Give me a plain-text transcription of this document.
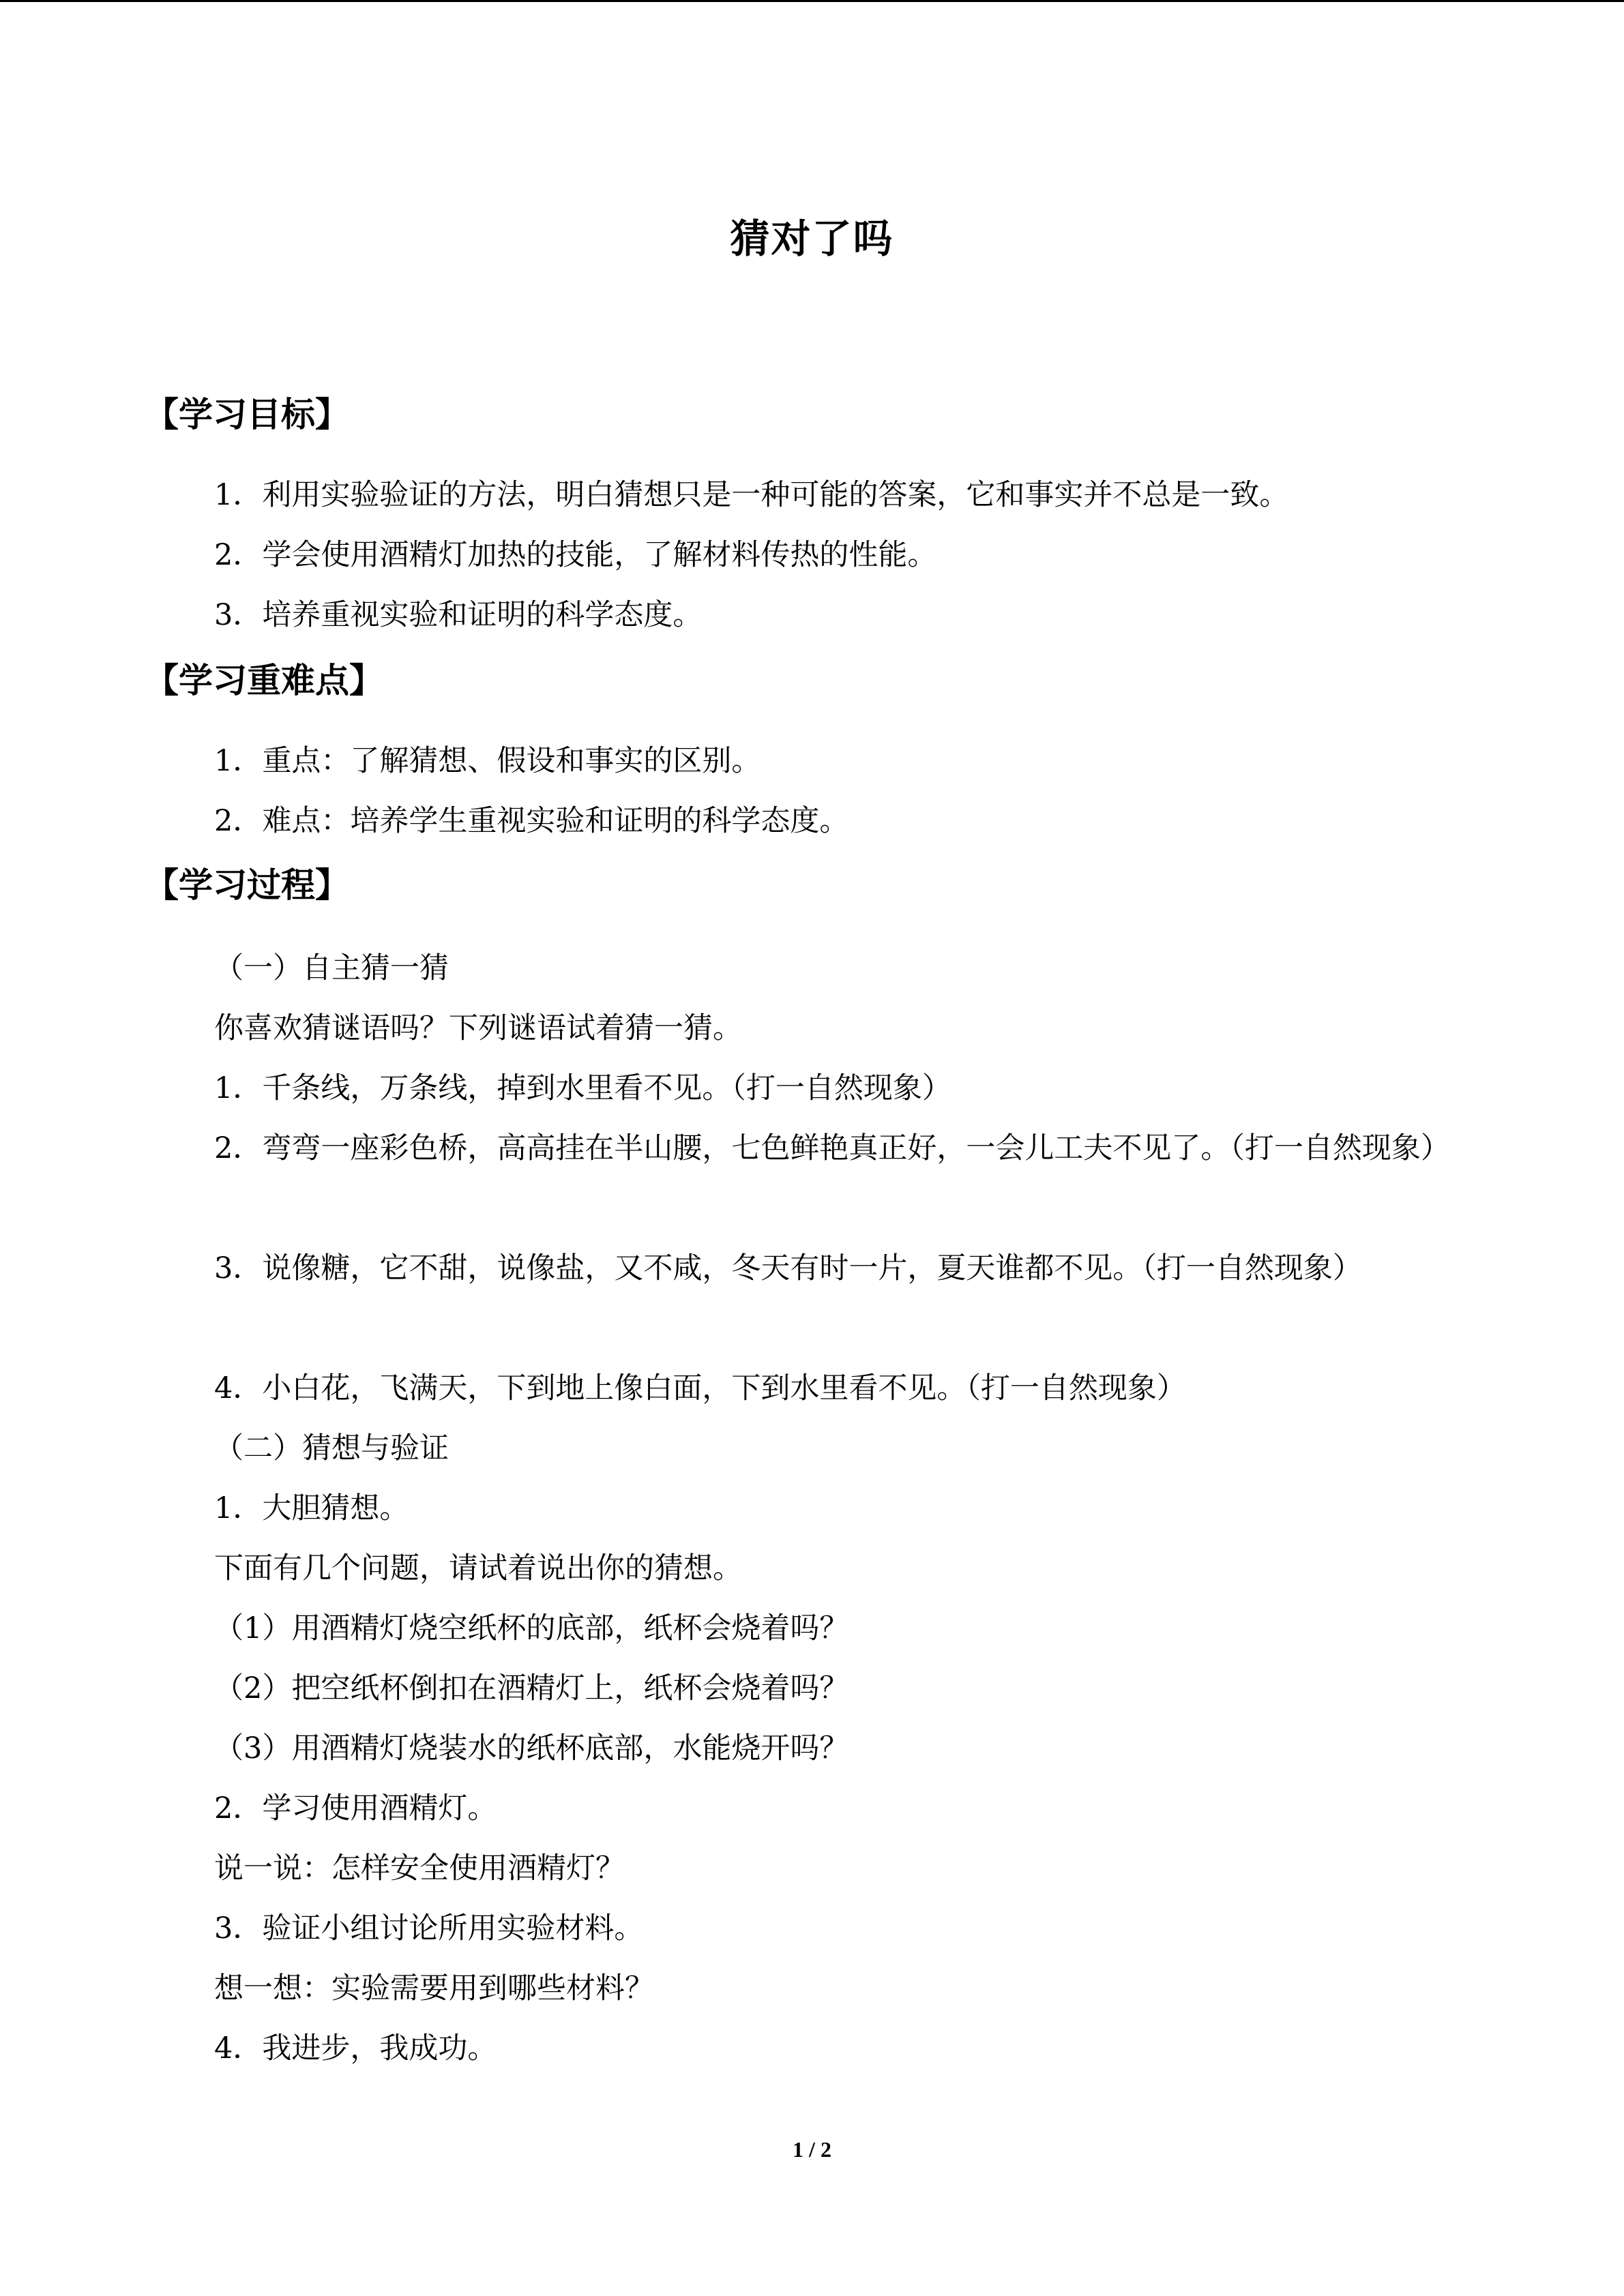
猜对了吗
【学习目标】
1．利用实验验证的方法，明白猜想只是一种可能的答案，它和事实并不总是一致。
2．学会使用酒精灯加热的技能，了解材料传热的性能。
3．培养重视实验和证明的科学态度。
【学习重难点】
1．重点：了解猜想、假设和事实的区别。
2．难点：培养学生重视实验和证明的科学态度。
【学习过程】
（一）自主猜一猜
你喜欢猜谜语吗？下列谜语试着猜一猜。
1．千条线，万条线，掉到水里看不见。（打一自然现象）
2．弯弯一座彩色桥，高高挂在半山腰，七色鲜艳真正好，一会儿工夫不见了。（打一自然现象）
3．说像糖，它不甜，说像盐，又不咸，冬天有时一片，夏天谁都不见。（打一自然现象）
4．小白花，飞满天，下到地上像白面，下到水里看不见。（打一自然现象）
（二）猜想与验证
1．大胆猜想。
下面有几个问题，请试着说出你的猜想。
（1）用酒精灯烧空纸杯的底部，纸杯会烧着吗？
（2）把空纸杯倒扣在酒精灯上，纸杯会烧着吗？
（3）用酒精灯烧装水的纸杯底部，水能烧开吗？
2．学习使用酒精灯。
说一说：怎样安全使用酒精灯？
3．验证小组讨论所用实验材料。
想一想：实验需要用到哪些材料？
4．我进步，我成功。
1 / 2
